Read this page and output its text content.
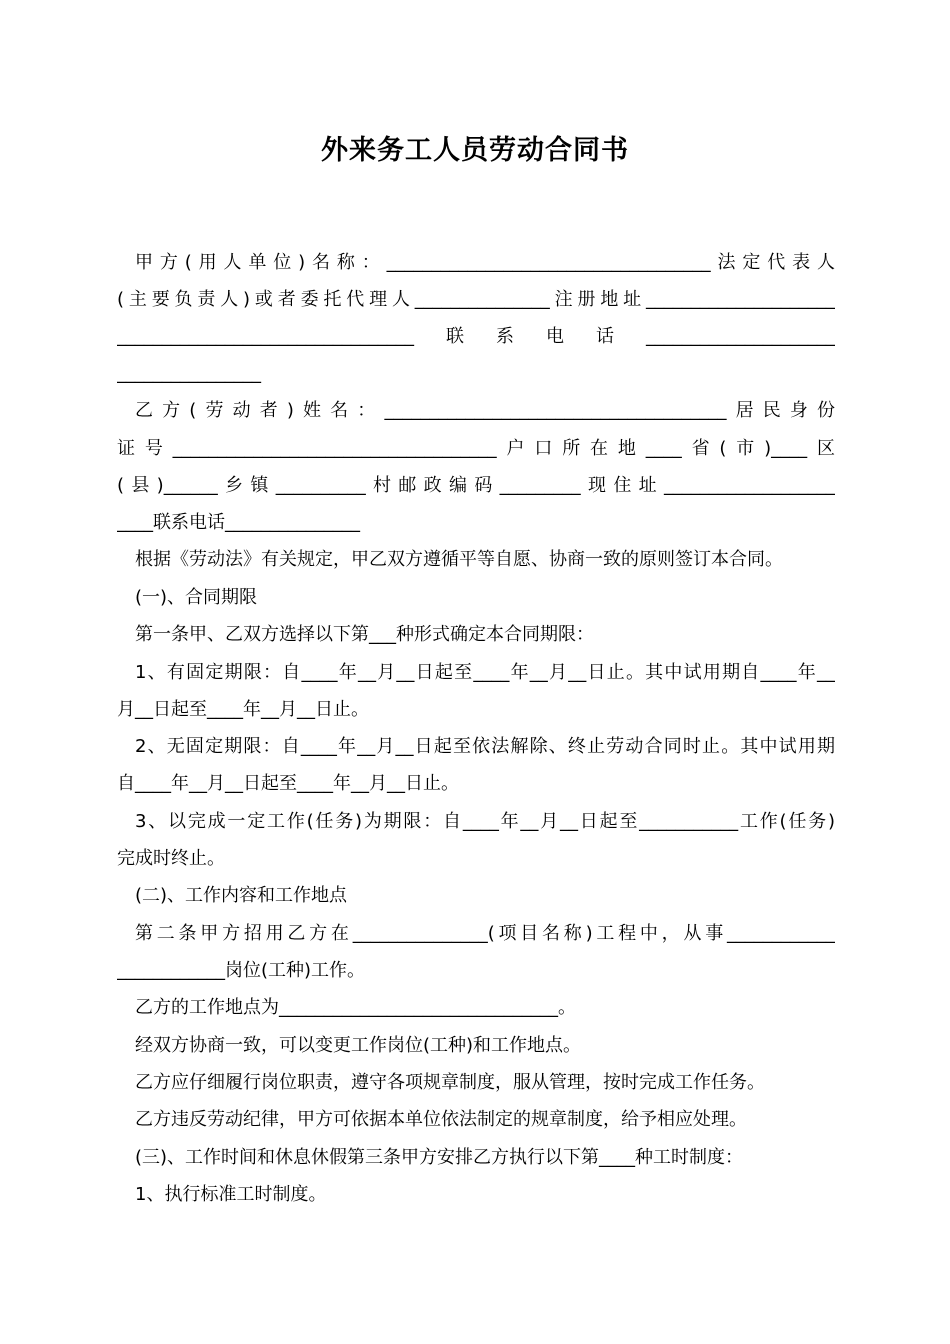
外来务工人员劳动合同书
甲方(用人单位)名称：____________________________________法定代表人
(主要负责人)或者委托代理人_______________注册地址_____________________
_________________________________联系电话_____________________
________________
乙方(劳动者)姓名：______________________________________居民身份
证号____________________________________户口所在地____省(市)____区
(县)______乡镇__________村邮政编码_________现住址___________________
____联系电话_______________
根据《劳动法》有关规定，甲乙双方遵循平等自愿、协商一致的原则签订本合同。
(一)、合同期限
第一条甲、乙双方选择以下第___种形式确定本合同期限：
1、有固定期限：自____年__月__日起至____年__月__日止。其中试用期自____年__
月__日起至____年__月__日止。
2、无固定期限：自____年__月__日起至依法解除、终止劳动合同时止。其中试用期
自____年__月__日起至____年__月__日止。
3、以完成一定工作(任务)为期限：自____年__月__日起至___________工作(任务)
完成时终止。
(二)、工作内容和工作地点
第二条甲方招用乙方在_______________(项目名称)工程中，从事____________
____________岗位(工种)工作。
乙方的工作地点为_______________________________。
经双方协商一致，可以变更工作岗位(工种)和工作地点。
乙方应仔细履行岗位职责，遵守各项规章制度，服从管理，按时完成工作任务。
乙方违反劳动纪律，甲方可依据本单位依法制定的规章制度，给予相应处理。
(三)、工作时间和休息休假第三条甲方安排乙方执行以下第____种工时制度：
1、执行标准工时制度。
